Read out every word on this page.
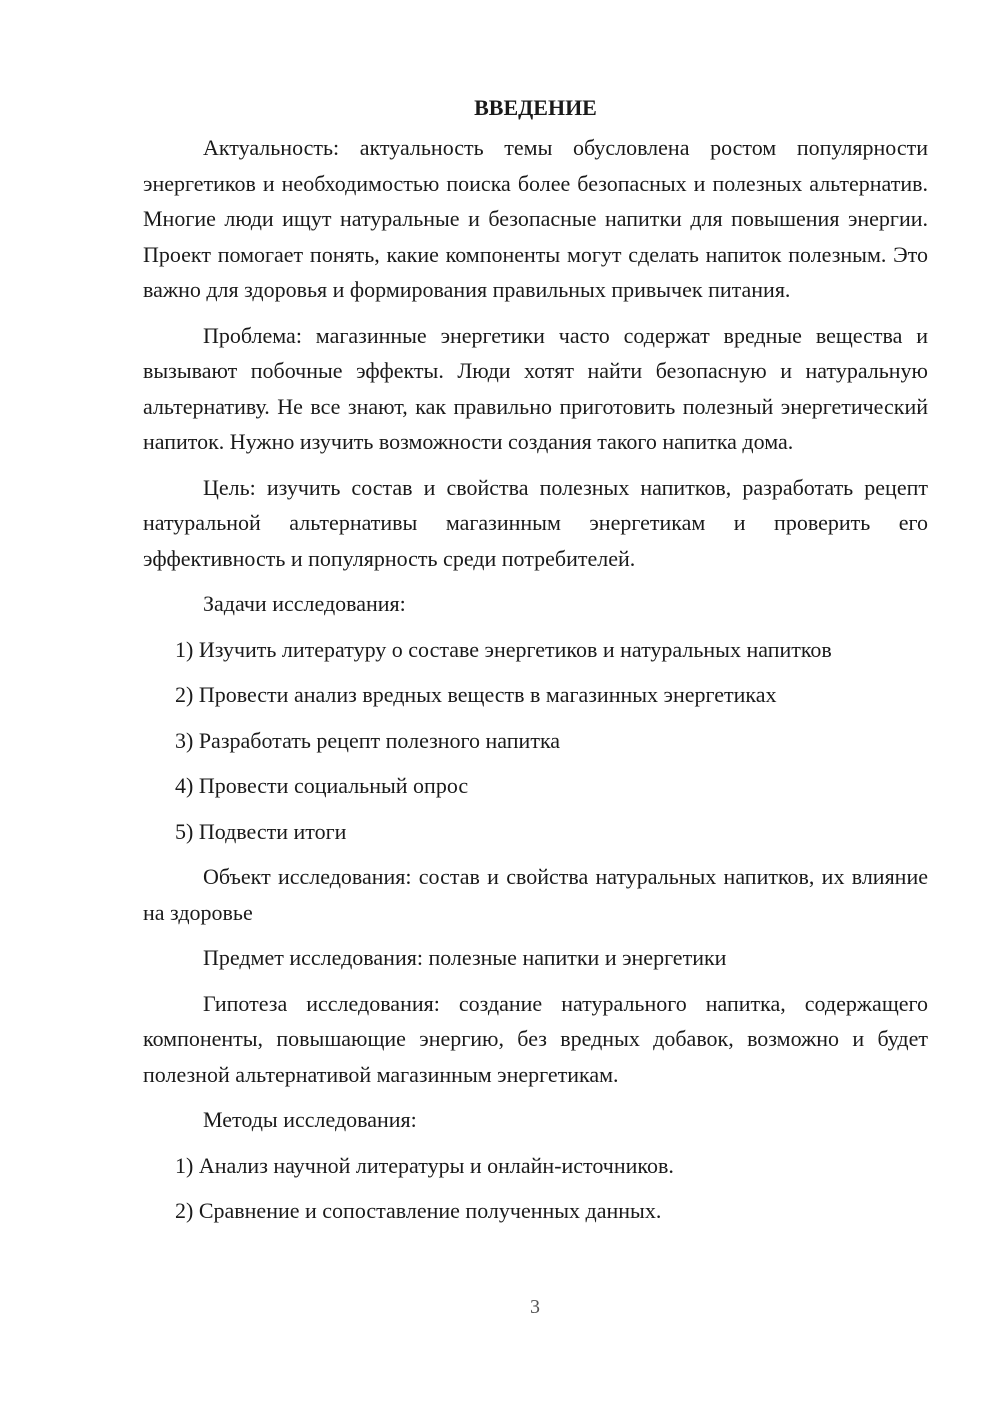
ВВЕДЕНИЕ

Актуальность: актуальность темы обусловлена ростом популярности энергетиков и необходимостью поиска более безопасных и полезных альтернатив. Многие люди ищут натуральные и безопасные напитки для повышения энергии. Проект помогает понять, какие компоненты могут сделать напиток полезным. Это важно для здоровья и формирования правильных привычек питания.

Проблема: магазинные энергетики часто содержат вредные вещества и вызывают побочные эффекты. Люди хотят найти безопасную и натуральную альтернативу. Не все знают, как правильно приготовить полезный энергетический напиток. Нужно изучить возможности создания такого напитка дома.

Цель: изучить состав и свойства полезных напитков, разработать рецепт натуральной альтернативы магазинным энергетикам и проверить его эффективность и популярность среди потребителей.

Задачи исследования:

1) Изучить литературу о составе энергетиков и натуральных напитков
2) Провести анализ вредных веществ в магазинных энергетиках
3) Разработать рецепт полезного напитка
4) Провести социальный опрос
5) Подвести итоги

Объект исследования: состав и свойства натуральных напитков, их влияние на здоровье

Предмет исследования: полезные напитки и энергетики

Гипотеза исследования: создание натурального напитка, содержащего компоненты, повышающие энергию, без вредных добавок, возможно и будет полезной альтернативой магазинным энергетикам.

Методы исследования:

1) Анализ научной литературы и онлайн-источников.
2) Сравнение и сопоставление полученных данных.
3
